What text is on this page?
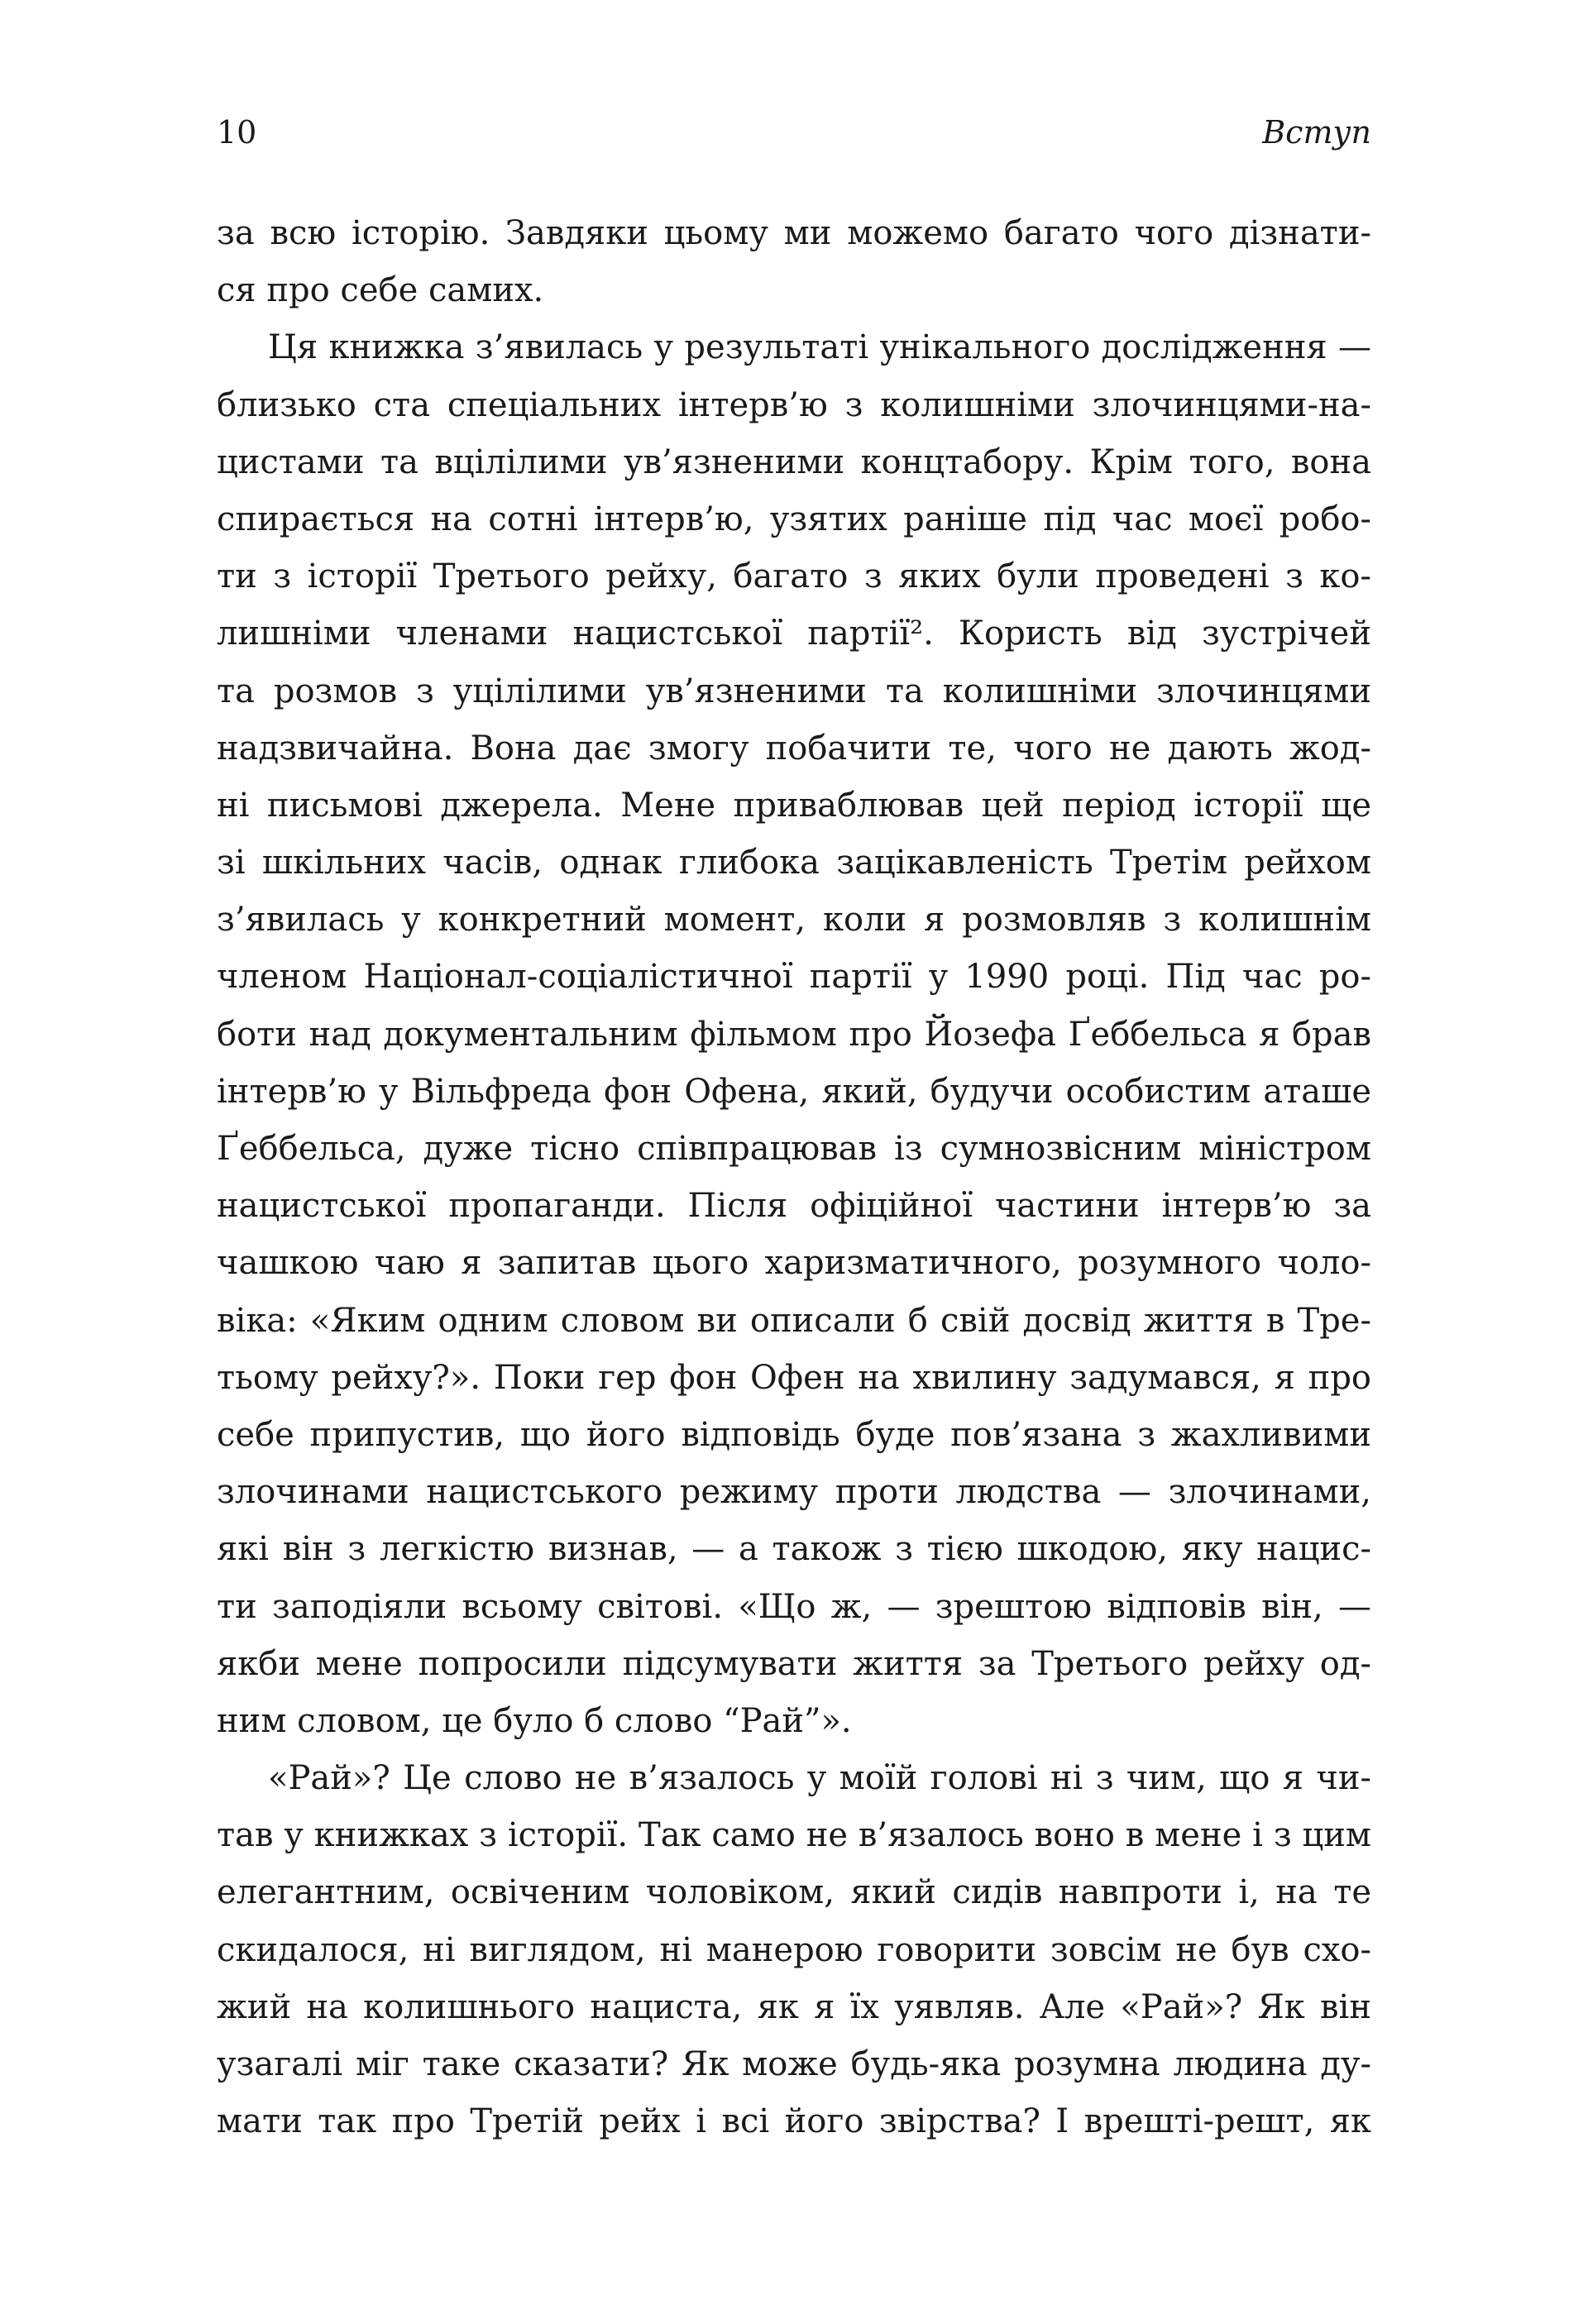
10	Вступ
за всю історію. Завдяки цьому ми можемо багато чого дізнати-
ся про себе самих.
Ця книжка з’явилась у результаті унікального дослідження —
близько ста спеціальних інтерв’ю з колишніми злочинцями-на-
цистами та вцілілими ув’язненими концтабору. Крім того, вона
спирається на сотні інтерв’ю, узятих раніше під час моєї робо-
ти з історії Третього рейху, багато з яких були проведені з ко-
лишніми членами нацистської партії². Користь від зустрічей
та розмов з уцілілими ув’язненими та колишніми злочинцями
надзвичайна. Вона дає змогу побачити те, чого не дають жод-
ні письмові джерела. Мене приваблював цей період історії ще
зі шкільних часів, однак глибока зацікавленість Третім рейхом
з’явилась у конкретний момент, коли я розмовляв з колишнім
членом Націонал-соціалістичної партії у 1990 році. Під час ро-
боти над документальним фільмом про Йозефа Ґеббельса я брав
інтерв’ю у Вільфреда фон Офена, який, будучи особистим аташе
Ґеббельса, дуже тісно співпрацював із сумнозвісним міністром
нацистської пропаганди. Після офіційної частини інтерв’ю за
чашкою чаю я запитав цього харизматичного, розумного чоло-
віка: «Яким одним словом ви описали б свій досвід життя в Тре-
тьому рейху?». Поки гер фон Офен на хвилину задумався, я про
себе припустив, що його відповідь буде пов’язана з жахливими
злочинами нацистського режиму проти людства — злочинами,
які він з легкістю визнав, — а також з тією шкодою, яку нацис-
ти заподіяли всьому світові. «Що ж, — зрештою відповів він, —
якби мене попросили підсумувати життя за Третього рейху од-
ним словом, це було б слово “Рай”».
«Рай»? Це слово не в’язалось у моїй голові ні з чим, що я чи-
тав у книжках з історії. Так само не в’язалось воно в мене і з цим
елегантним, освіченим чоловіком, який сидів навпроти і, на те
скидалося, ні виглядом, ні манерою говорити зовсім не був схо-
жий на колишнього нациста, як я їх уявляв. Але «Рай»? Як він
узагалі міг таке сказати? Як може будь-яка розумна людина ду-
мати так про Третій рейх і всі його звірства? І врешті-решт, як
